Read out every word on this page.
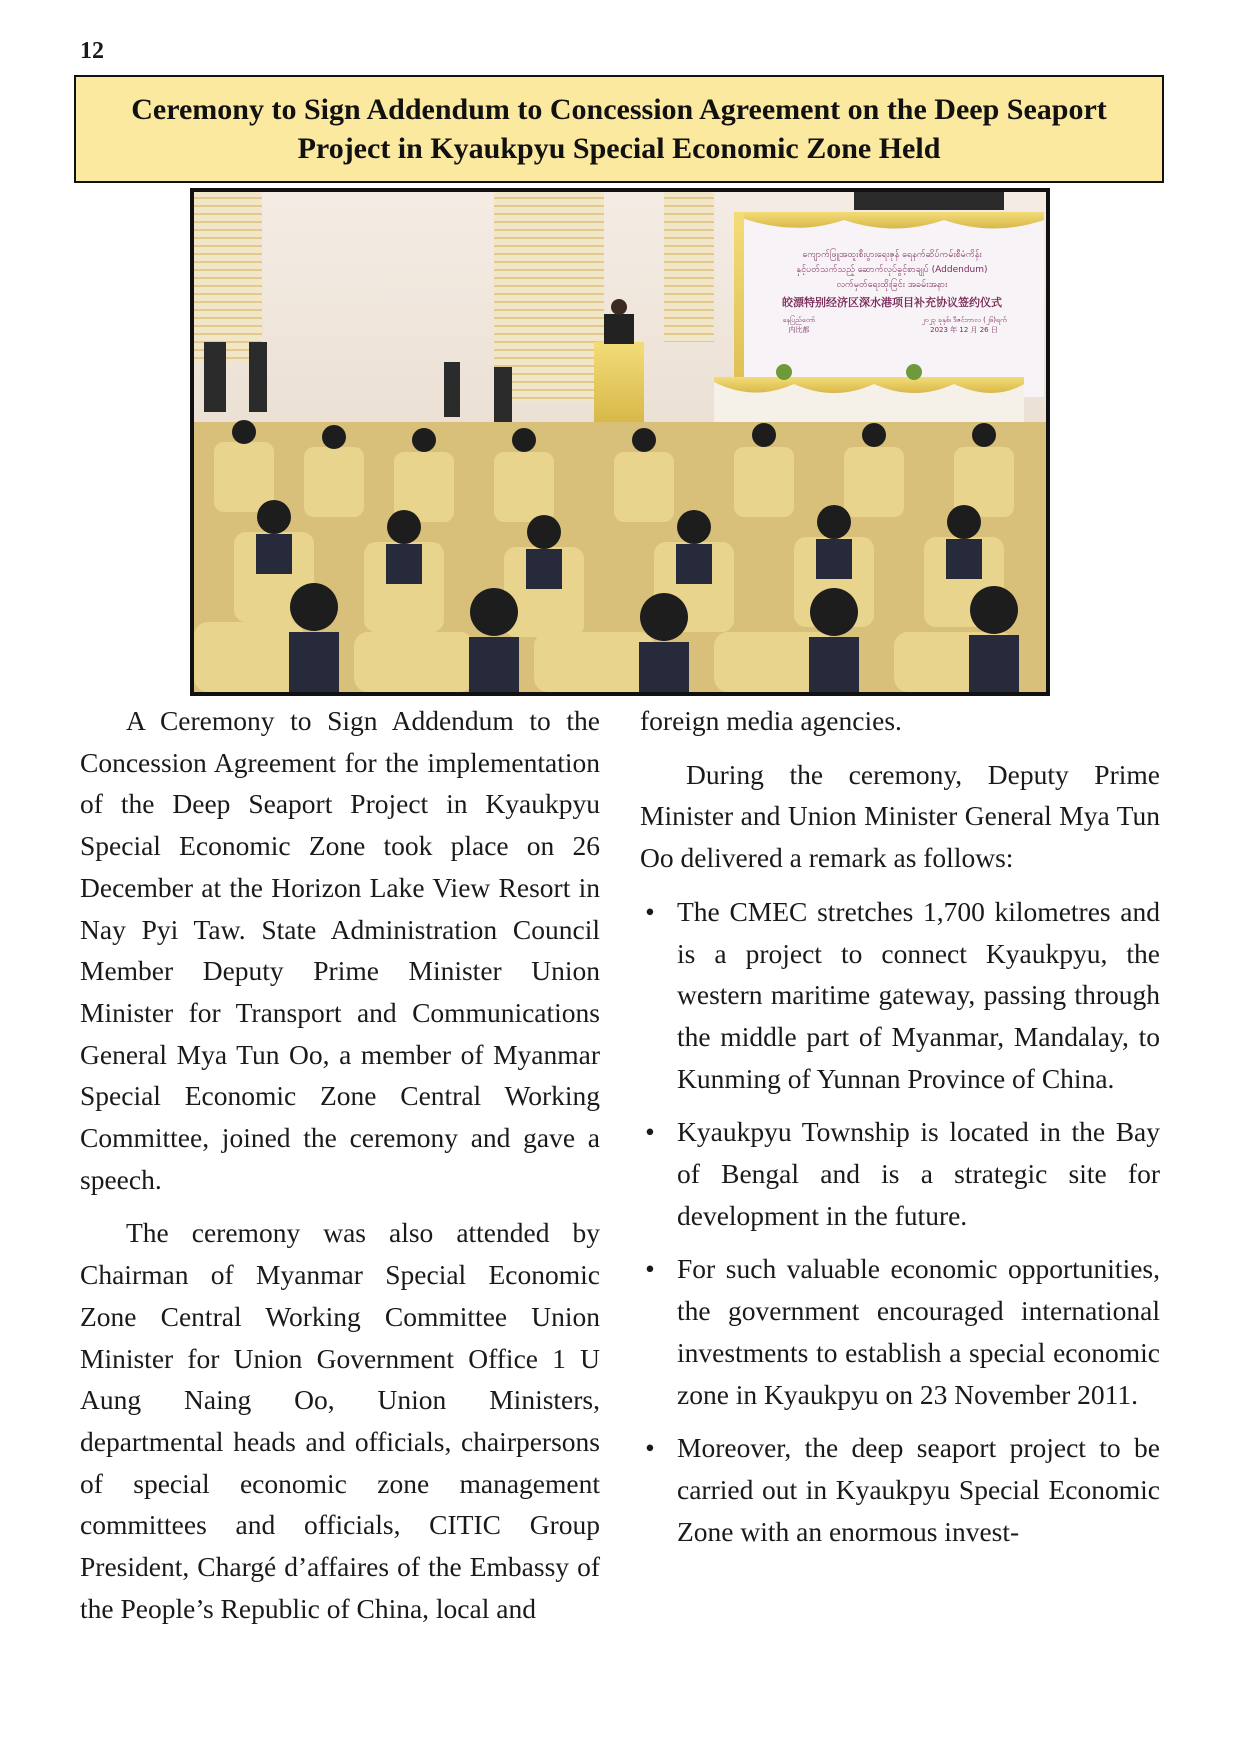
12
Ceremony to Sign Addendum to Concession Agreement on the Deep Seaport Project in Kyaukpyu Special Economic Zone Held
ကျောက်ဖြူအထူးစီးပွားရေးဇုန် ရေနက်ဆိပ်ကမ်းစီမံကိန်း
နှင့်ပတ်သက်သည့် ဆောက်လုပ်ခွင့်စာချုပ် (Addendum)
လက်မှတ်ရေးထိုးခြင်း အခမ်းအနား
皎漂特别经济区深水港项目补充协议签约仪式
နေပြည်တော်
内比都
၂၀၂၃ ခုနှစ်၊ ဒီဇင်ဘာလ (၂၆)ရက်
2023 年 12 月 26 日

A Ceremony to Sign Addendum to the Concession Agreement for the implementation of the Deep Seaport Project in Kyaukpyu Special Economic Zone took place on 26 December at the Horizon Lake View Resort in Nay Pyi Taw. State Administration Council Member Deputy Prime Minister Union Minister for Transport and Communications General Mya Tun Oo, a member of Myanmar Special Economic Zone Central Working Committee, joined the ceremony and gave a speech.

The ceremony was also attended by Chairman of Myanmar Special Economic Zone Central Working Committee Union Minister for Union Government Office 1 U Aung Naing Oo, Union Ministers, departmental heads and officials, chairpersons of special economic zone management committees and officials, CITIC Group President, Chargé d’affaires of the Embassy of the People’s Republic of China, local and

foreign media agencies.

During the ceremony, Deputy Prime Minister and Union Minister General Mya Tun Oo delivered a remark as follows:

• The CMEC stretches 1,700 kilometres and is a project to connect Kyaukpyu, the western maritime gateway, passing through the middle part of Myanmar, Mandalay, to Kunming of Yunnan Province of China.
• Kyaukpyu Township is located in the Bay of Bengal and is a strategic site for development in the future.
• For such valuable economic opportunities, the government encouraged international investments to establish a special economic zone in Kyaukpyu on 23 November 2011.
• Moreover, the deep seaport project to be carried out in Kyaukpyu Special Economic Zone with an enormous invest-
